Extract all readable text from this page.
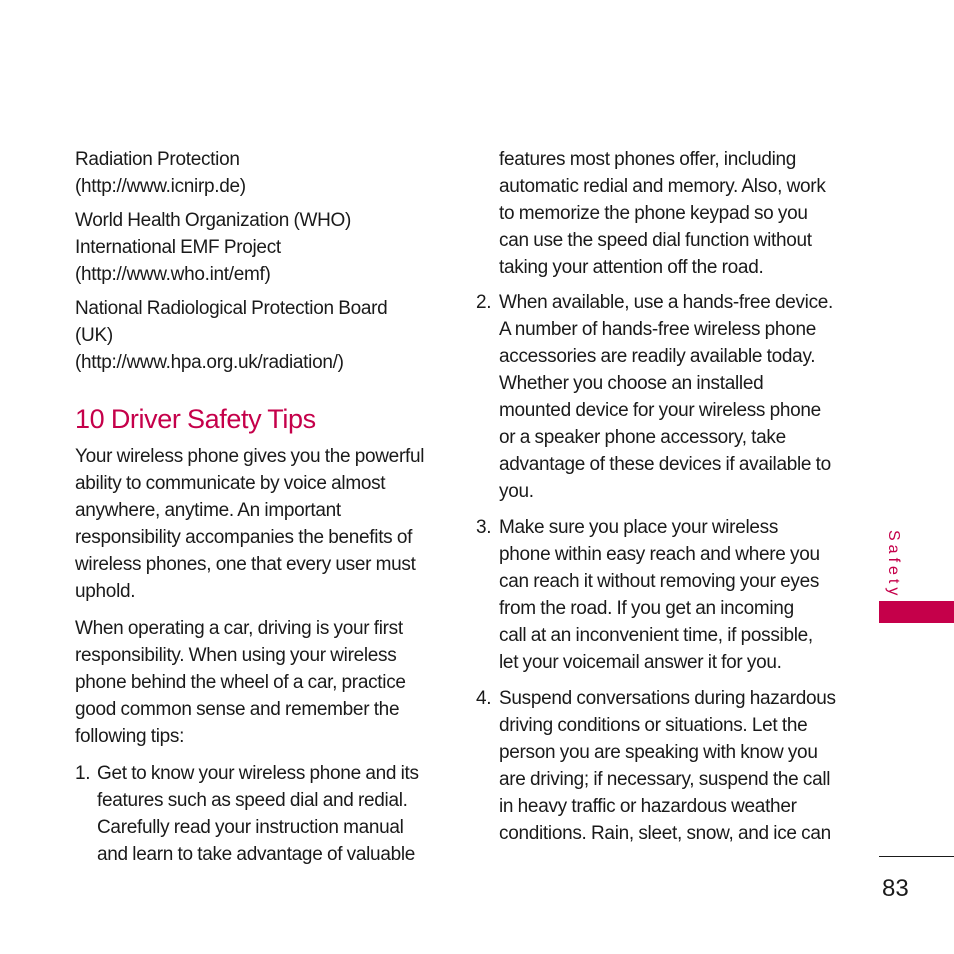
Radiation Protection
(http://www.icnirp.de)

World Health Organization (WHO)
International EMF Project
(http://www.who.int/emf)

National Radiological Protection Board
(UK)
(http://www.hpa.org.uk/radiation/)

10 Driver Safety Tips

Your wireless phone gives you the powerful
ability to communicate by voice almost
anywhere, anytime. An important
responsibility accompanies the benefits of
wireless phones, one that every user must
uphold.

When operating a car, driving is your first
responsibility. When using your wireless
phone behind the wheel of a car, practice
good common sense and remember the
following tips:

1. Get to know your wireless phone and its
features such as speed dial and redial.
Carefully read your instruction manual
and learn to take advantage of valuable

features most phones offer, including
automatic redial and memory. Also, work
to memorize the phone keypad so you
can use the speed dial function without
taking your attention off the road.

2. When available, use a hands-free device.
A number of hands-free wireless phone
accessories are readily available today.
Whether you choose an installed
mounted device for your wireless phone
or a speaker phone accessory, take
advantage of these devices if available to
you.
3. Make sure you place your wireless
phone within easy reach and where you
can reach it without removing your eyes
from the road. If you get an incoming
call at an inconvenient time, if possible,
let your voicemail answer it for you.
4. Suspend conversations during hazardous
driving conditions or situations. Let the
person you are speaking with know you
are driving; if necessary, suspend the call
in heavy traffic or hazardous weather
conditions. Rain, sleet, snow, and ice can
Safety
83
